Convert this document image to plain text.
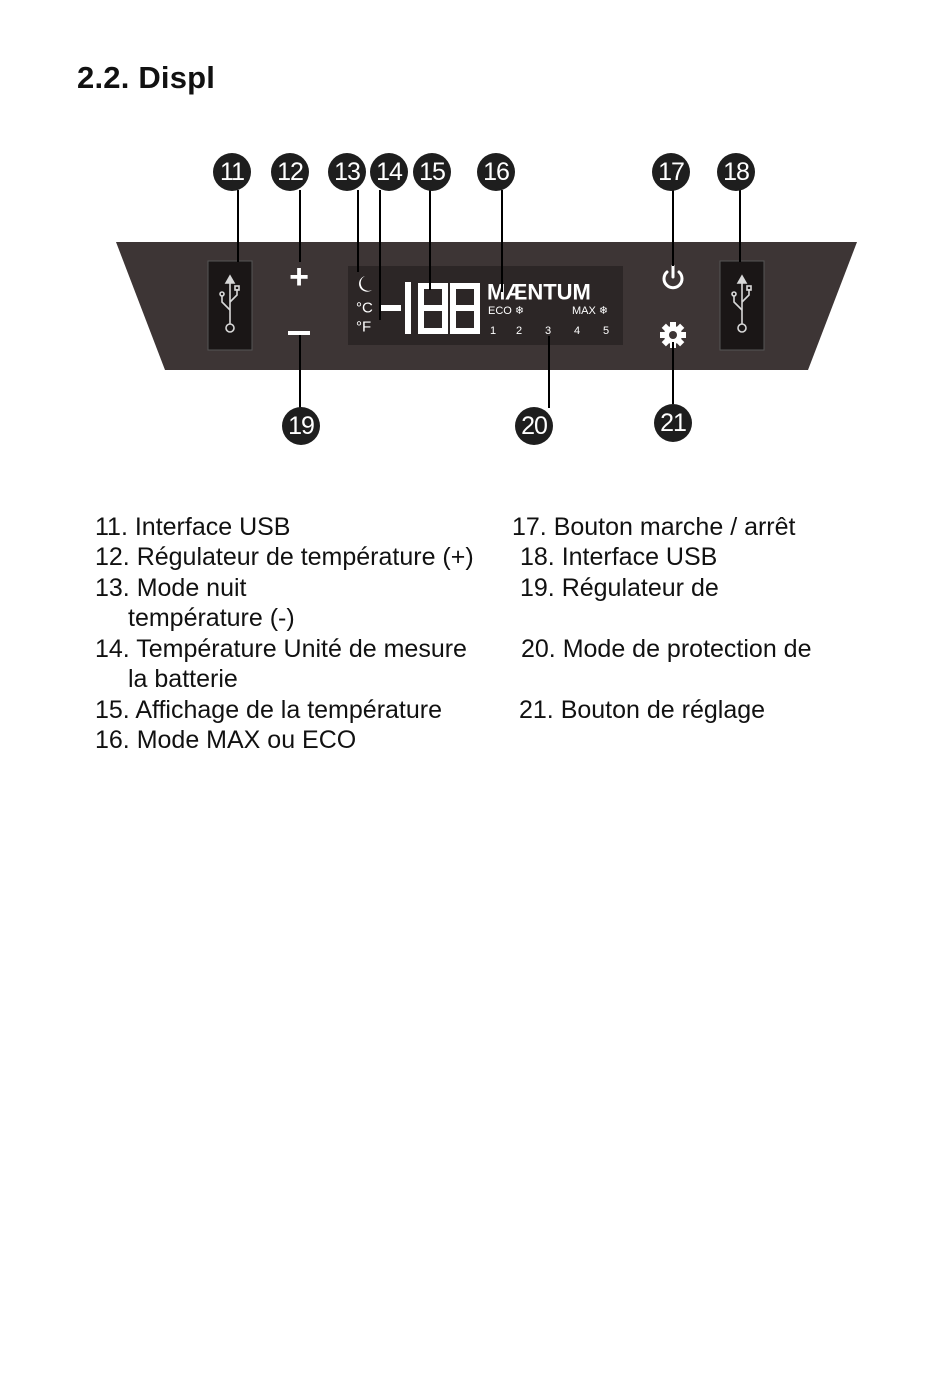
2.2. Displ
+
°C
°F
MÆNTUM
ECO ❄	MAX ❄
1 2 3 4 5
11 12 13 14 15 16	17 18
19	20	21
11. Interface USB
12. Régulateur de température (+)
13. Mode nuit
température (-)
14. Température Unité de mesure
la batterie
15. Affichage de la température
16. Mode MAX ou ECO
17. Bouton marche / arrêt
18. Interface USB
19. Régulateur de
20. Mode de protection de
21. Bouton de réglage
